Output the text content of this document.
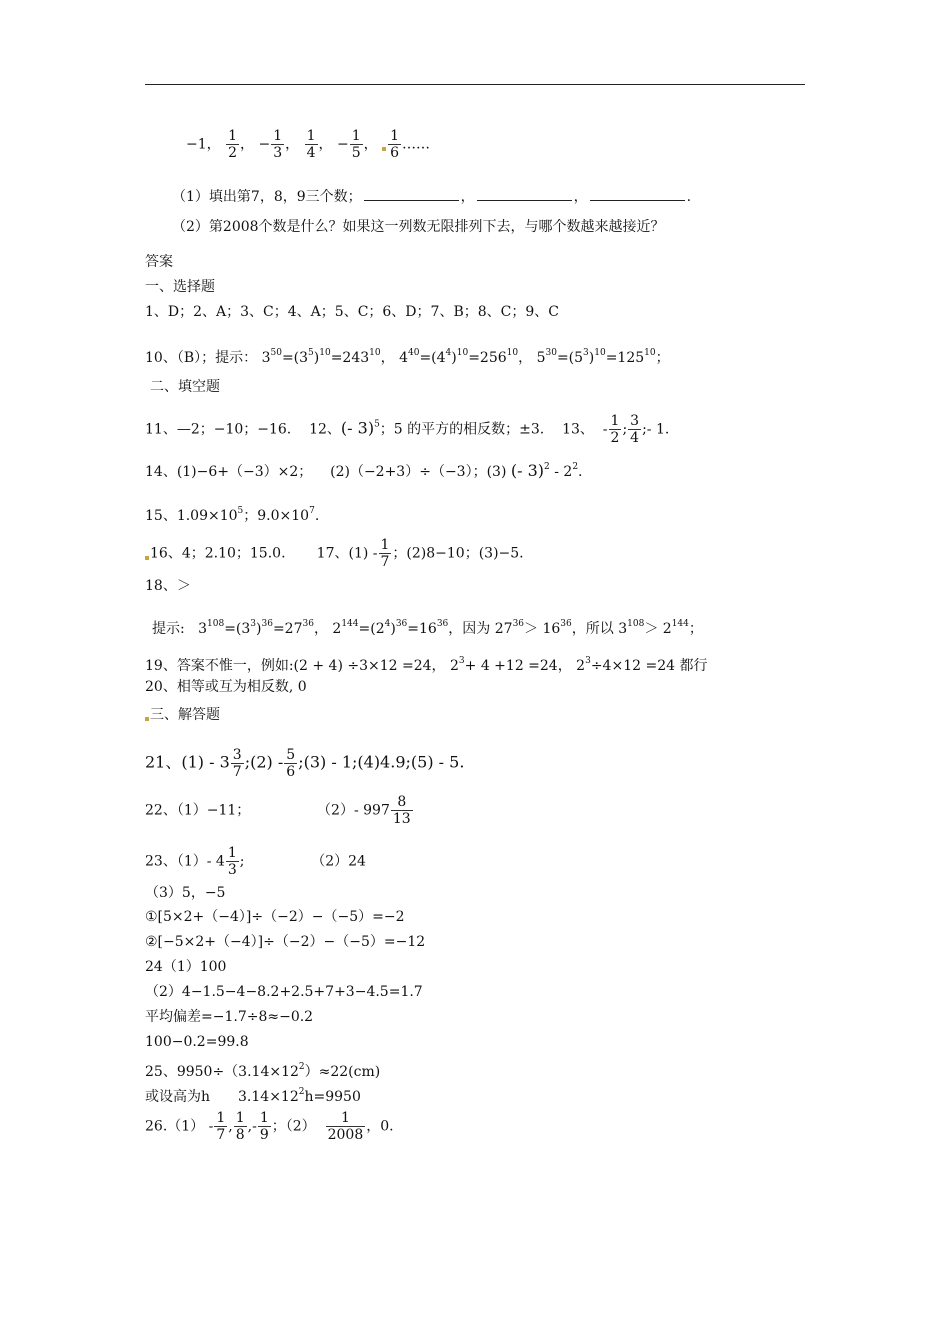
−1， $\frac{1}{2}$ ， − $\frac{1}{3}$ ， $\frac{1}{4}$ ， − $\frac{1}{5}$ ， $\frac{1}{6}$ ……
（1）填出第7，8，9三个数；	，	，	.
（2）第2008个数是什么？如果这一列数无限排列下去，与哪个数越来越接近？
答案
一、选择题
1、D；2、A；3、C；4、A；5、C；6、D；7、B；8、C；9、C
10、（B）；提示： $3^{50}=(3^5)^{10}=243^{10}$， $4^{40}=(4^4)^{10}=256^{10}$， $5^{30}=(5^3)^{10}=125^{10}$；
二、填空题
11、—2；−10；−16. 12、(- 3)$^5$；5 的平方的相反数；±3. 13、 - $\frac{1}{2}$ ; $\frac{3}{4}$ ;- 1.
14、(1)−6+（−3）×2； (2)（−2+3）÷（−3）；(3) (- $3)^2 - 2^2$.
15、$1.09\times 10^5$；$9.0\times 10^7$.
16、4；2.10；15.0. 17、$(1) - \frac{1}{7}$ ；(2)8−10；(3)−5.
18、＞
提示: $3^{108}=(3^3)^{36}=27^{36}$， $2^{144}=(2^4)^{36}=16^{36}$，因为 $27^{36}> 16^{36}$，所以 $3^{108}> 2^{144}$；
19、答案不惟一，例如:(2 + 4) ÷3×12 =24， $2^3+ 4 +12 =24$， $2^3\div 4\times 12 =24$ 都行
20、相等或互为相反数, 0
三、解答题
21、$(1) - 3 \frac{3}{7}$ ;(2) - $\frac{5}{6}$ ;(3) - 1;(4)4.9;(5) - 5.
22、（1）−11；	（2）- $997 \frac{8}{13}$
23、（1）- $4 \frac{1}{3}$ ;	（2）24
（3）5，−5
①[5×2+（−4）]÷（−2）−（−5）=−2
②[−5×2+（−4）]÷（−2）−（−5）=−12
24（1）100
（2）4−1.5−4−8.2+2.5+7+3−4.5=1.7
平均偏差=−1.7÷8≈−0.2
100−0.2=99.8
25、$9950\div(3.14\times 12^2)\approx 22(cm)$
或设高为h　　$3.14\times 12^2h=9950$
$26.(1) - \frac{1}{7}$ , $\frac{1}{8}$ ,- $\frac{1}{9}$ ；$(2) \frac{1}{2008}$ ，0.
